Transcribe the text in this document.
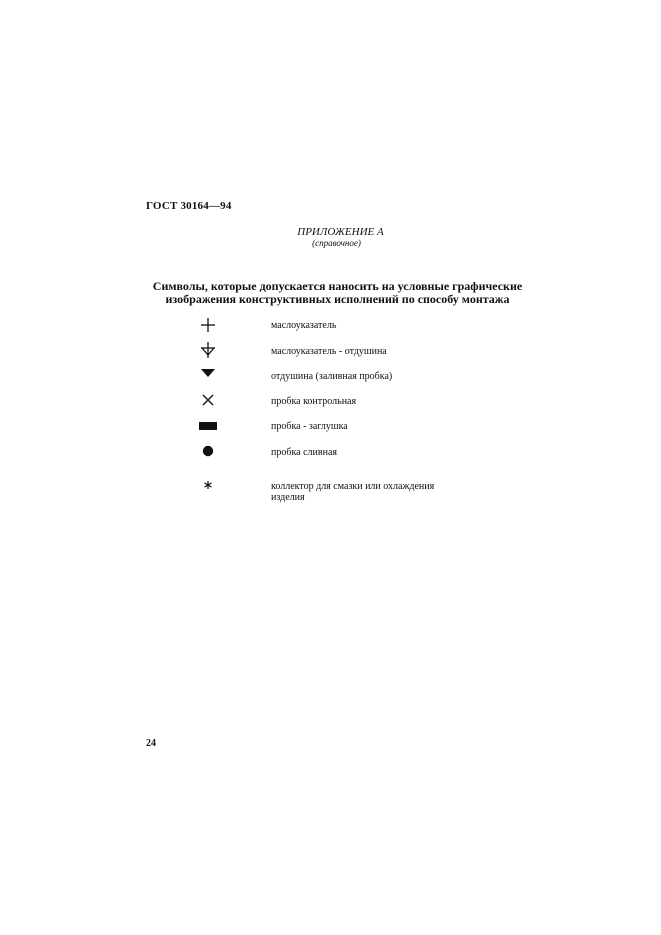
ГОСТ 30164—94
ПРИЛОЖЕНИЕ А
(справочное)
Символы, которые допускается наносить на условные графические
изображения конструктивных исполнений по способу монтажа
маслоуказатель
маслоуказатель - отдушина
отдушина (заливная пробка)
пробка контрольная
пробка - заглушка
пробка сливная
коллектор для смазки или охлаждения
изделия
24
